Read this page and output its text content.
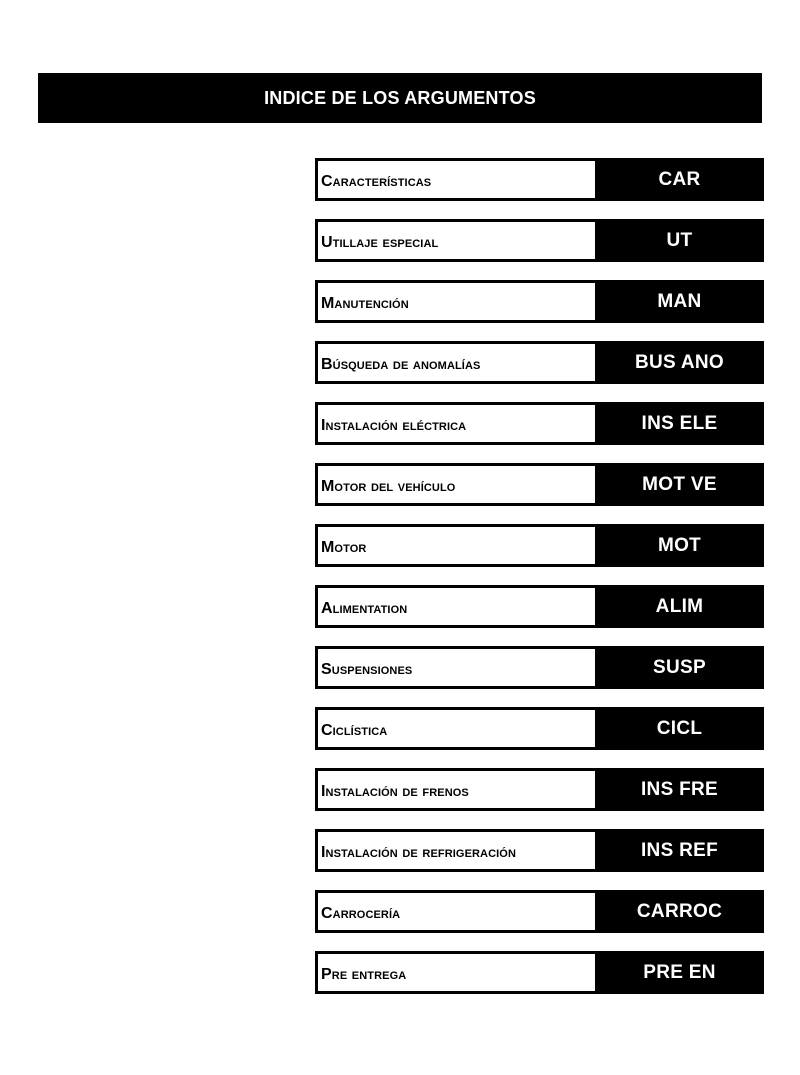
INDICE DE LOS ARGUMENTOS
Características	CAR
Utillaje especial	UT
Manutención	MAN
Búsqueda de anomalías	BUS ANO
Instalación eléctrica	INS ELE
Motor del vehículo	MOT VE
Motor	MOT
Alimentation	ALIM
Suspensiones	SUSP
Ciclística	CICL
Instalación de frenos	INS FRE
Instalación de refrigeración	INS REF
Carrocería	CARROC
Pre entrega	PRE EN
